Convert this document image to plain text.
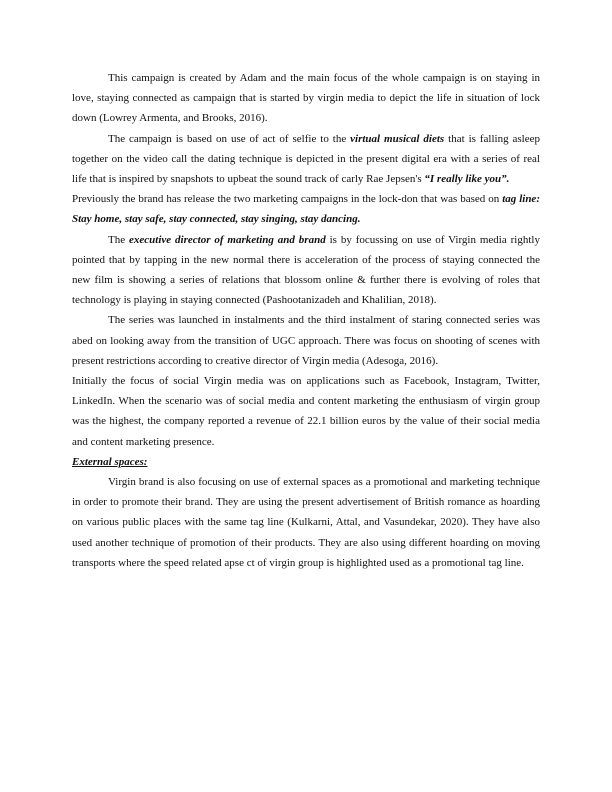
This campaign is created by Adam and the main focus of the whole campaign is on staying in love, staying connected as campaign that is started by virgin media to depict the life in situation of lock down (Lowrey Armenta, and Brooks, 2016).

The campaign is based on use of act of selfie to the virtual musical diets that is falling asleep together on the video call the dating technique is depicted in the present digital era with a series of real life that is inspired by snapshots to upbeat the sound track of carly Rae Jepsen's “I really like you”.

Previously the brand has release the two marketing campaigns in the lock-don that was based on tag line: Stay home, stay safe, stay connected, stay singing, stay dancing.

The executive director of marketing and brand is by focussing on use of Virgin media rightly pointed that by tapping in the new normal there is acceleration of the process of staying connected the new film is showing a series of relations that blossom online & further there is evolving of roles that technology is playing in staying connected (Pashootanizadeh and Khalilian, 2018).

The series was launched in instalments and the third instalment of staring connected series was abed on looking away from the transition of UGC approach. There was focus on shooting of scenes with present restrictions according to creative director of Virgin media (Adesoga, 2016).

Initially the focus of social Virgin media was on applications such as Facebook, Instagram, Twitter, LinkedIn. When the scenario was of social media and content marketing the enthusiasm of virgin group was the highest, the company reported a revenue of 22.1 billion euros by the value of their social media and content marketing presence.

External spaces:

Virgin brand is also focusing on use of external spaces as a promotional and marketing technique in order to promote their brand. They are using the present advertisement of British romance as hoarding on various public places with the same tag line (Kulkarni, Attal, and Vasundekar, 2020). They have also used another technique of promotion of their products. They are also using different hoarding on moving transports where the speed related apse ct of virgin group is highlighted used as a promotional tag line.
